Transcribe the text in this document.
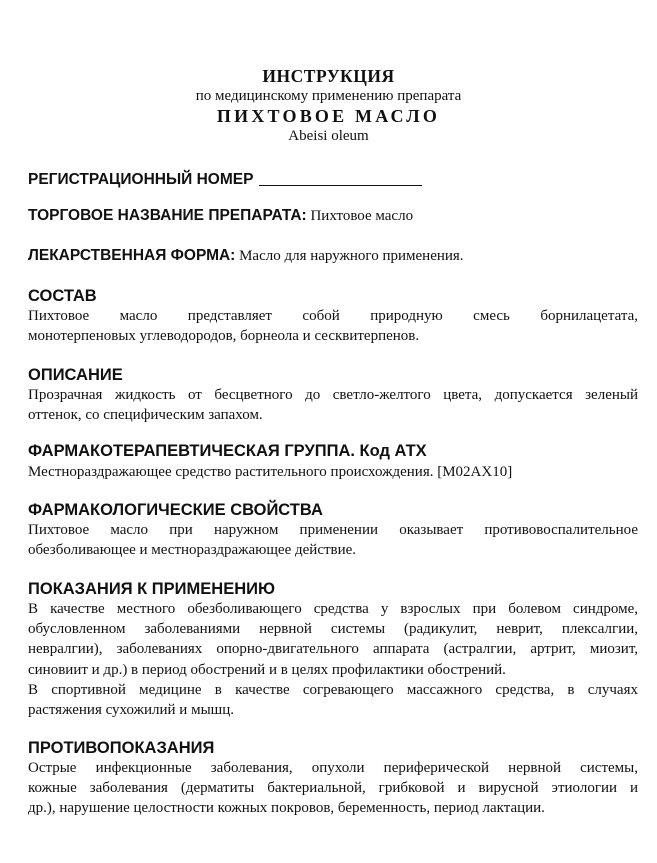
ИНСТРУКЦИЯ
по медицинскому применению препарата
ПИХТОВОЕ МАСЛО
Abeisi oleum
РЕГИСТРАЦИОННЫЙ НОМЕР
ТОРГОВОЕ НАЗВАНИЕ ПРЕПАРАТА: Пихтовое масло
ЛЕКАРСТВЕННАЯ ФОРМА: Масло для наружного применения.
СОСТАВ
Пихтовое масло представляет собой природную смесь борнилацетата,
монотерпеновых углеводородов, борнеола и сесквитерпенов.
ОПИСАНИЕ
Прозрачная жидкость от бесцветного до светло-желтого цвета, допускается зеленый
оттенок, со специфическим запахом.
ФАРМАКОТЕРАПЕВТИЧЕСКАЯ ГРУППА. Код АТХ
Местнораздражающее средство растительного происхождения. [M02AX10]
ФАРМАКОЛОГИЧЕСКИЕ СВОЙСТВА
Пихтовое масло при наружном применении оказывает противовоспалительное
обезболивающее и местнораздражающее действие.
ПОКАЗАНИЯ К ПРИМЕНЕНИЮ
В качестве местного обезболивающего средства у взрослых при болевом синдроме,
обусловленном заболеваниями нервной системы (радикулит, неврит, плексалгии,
невралгии), заболеваниях опорно-двигательного аппарата (астралгии, артрит, миозит,
синовиит и др.) в период обострений и в целях профилактики обострений.
В спортивной медицине в качестве согревающего массажного средства, в случаях
растяжения сухожилий и мышц.
ПРОТИВОПОКАЗАНИЯ
Острые инфекционные заболевания, опухоли периферической нервной системы,
кожные заболевания (дерматиты бактериальной, грибковой и вирусной этиологии и
др.), нарушение целостности кожных покровов, беременность, период лактации.
